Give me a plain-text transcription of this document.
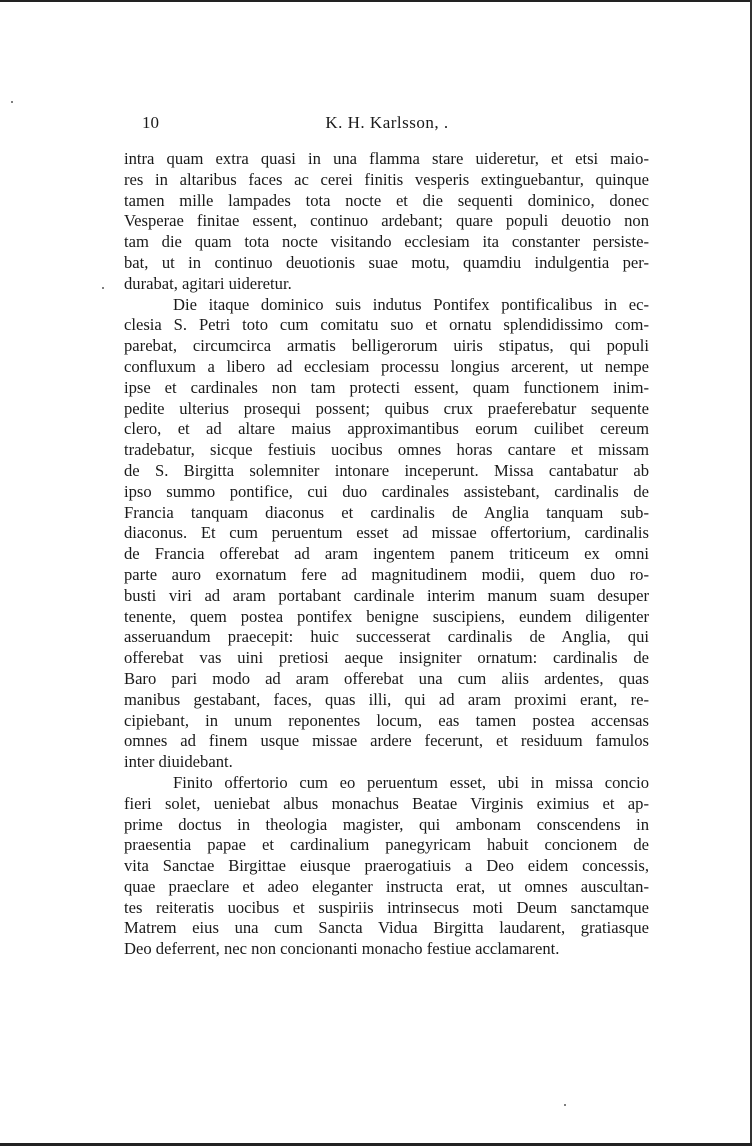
10	K. H. Karlsson, .
intra quam extra quasi in una flamma stare uideretur, et etsi maio-
res in altaribus faces ac cerei finitis vesperis extinguebantur, quinque
tamen mille lampades tota nocte et die sequenti dominico, donec
Vesperae finitae essent, continuo ardebant; quare populi deuotio non
tam die quam tota nocte visitando ecclesiam ita constanter persiste-
bat, ut in continuo deuotionis suae motu, quamdiu indulgentia per-
durabat, agitari uideretur.
Die itaque dominico suis indutus Pontifex pontificalibus in ec-
clesia S. Petri toto cum comitatu suo et ornatu splendidissimo com-
parebat, circumcirca armatis belligerorum uiris stipatus, qui populi
confluxum a libero ad ecclesiam processu longius arcerent, ut nempe
ipse et cardinales non tam protecti essent, quam functionem inim-
pedite ulterius prosequi possent; quibus crux praeferebatur sequente
clero, et ad altare maius approximantibus eorum cuilibet cereum
tradebatur, sicque festiuis uocibus omnes horas cantare et missam
de S. Birgitta solemniter intonare inceperunt. Missa cantabatur ab
ipso summo pontifice, cui duo cardinales assistebant, cardinalis de
Francia tanquam diaconus et cardinalis de Anglia tanquam sub-
diaconus. Et cum peruentum esset ad missae offertorium, cardinalis
de Francia offerebat ad aram ingentem panem triticeum ex omni
parte auro exornatum fere ad magnitudinem modii, quem duo ro-
busti viri ad aram portabant cardinale interim manum suam desuper
tenente, quem postea pontifex benigne suscipiens, eundem diligenter
asseruandum praecepit: huic successerat cardinalis de Anglia, qui
offerebat vas uini pretiosi aeque insigniter ornatum: cardinalis de
Baro pari modo ad aram offerebat una cum aliis ardentes, quas
manibus gestabant, faces, quas illi, qui ad aram proximi erant, re-
cipiebant, in unum reponentes locum, eas tamen postea accensas
omnes ad finem usque missae ardere fecerunt, et residuum famulos
inter diuidebant.
Finito offertorio cum eo peruentum esset, ubi in missa concio
fieri solet, ueniebat albus monachus Beatae Virginis eximius et ap-
prime doctus in theologia magister, qui ambonam conscendens in
praesentia papae et cardinalium panegyricam habuit concionem de
vita Sanctae Birgittae eiusque praerogatiuis a Deo eidem concessis,
quae praeclare et adeo eleganter instructa erat, ut omnes auscultan-
tes reiteratis uocibus et suspiriis intrinsecus moti Deum sanctamque
Matrem eius una cum Sancta Vidua Birgitta laudarent, gratiasque
Deo deferrent, nec non concionanti monacho festiue acclamarent.
